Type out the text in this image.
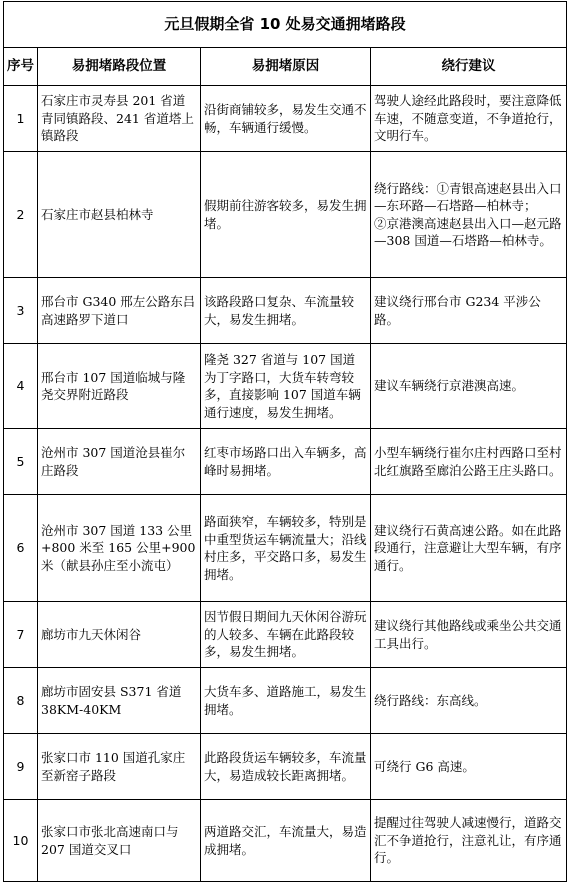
元旦假期全省 10 处易交通拥堵路段			
序号	易拥堵路段位置	易拥堵原因	绕行建议
1	石家庄市灵寿县 201 省道青同镇路段、241 省道塔上镇路段	沿街商铺较多，易发生交通不畅，车辆通行缓慢。	驾驶人途经此路段时，要注意降低车速，不随意变道，不争道抢行，文明行车。

2	石家庄市赵县柏林寺	假期前往游客较多，易发生拥堵。	绕行路线：①青银高速赵县出入口—东环路—石塔路—柏林寺；
②京港澳高速赵县出入口—赵元路—308 国道—石塔路—柏林寺。

3	邢台市 G340 邢左公路东吕高速路罗下道口	该路段路口复杂、车流量较大，易发生拥堵。	建议绕行邢台市 G234 平涉公路。

4	邢台市 107 国道临城与隆尧交界附近路段	隆尧 327 省道与 107 国道为丁字路口，大货车转弯较多，直接影响 107 国道车辆通行速度，易发生拥堵。	建议车辆绕行京港澳高速。

5	沧州市 307 国道沧县崔尔庄路段	红枣市场路口出入车辆多，高峰时易拥堵。	小型车辆绕行崔尔庄村西路口至村北红旗路至廊泊公路王庄头路口。

6	沧州市 307 国道 133 公里+800 米至 165 公里+900 米（献县孙庄至小流屯）	路面狭窄，车辆较多，特别是中重型货运车辆流量大；沿线村庄多，平交路口多，易发生拥堵。	建议绕行石黄高速公路。如在此路段通行，注意避让大型车辆，有序通行。

7	廊坊市九天休闲谷	因节假日期间九天休闲谷游玩的人较多、车辆在此路段较多，易发生拥堵。	建议绕行其他路线或乘坐公共交通工具出行。

8	廊坊市固安县 S371 省道 38KM-40KM	大货车多、道路施工，易发生拥堵。	绕行路线：东高线。

9	张家口市 110 国道孔家庄至新窑子路段	此路段货运车辆较多，车流量大，易造成较长距离拥堵。	可绕行 G6 高速。

10	张家口市张北高速南口与 207 国道交叉口	两道路交汇，车流量大，易造成拥堵。	提醒过往驾驶人减速慢行，道路交汇不争道抢行，注意礼让，有序通行。
